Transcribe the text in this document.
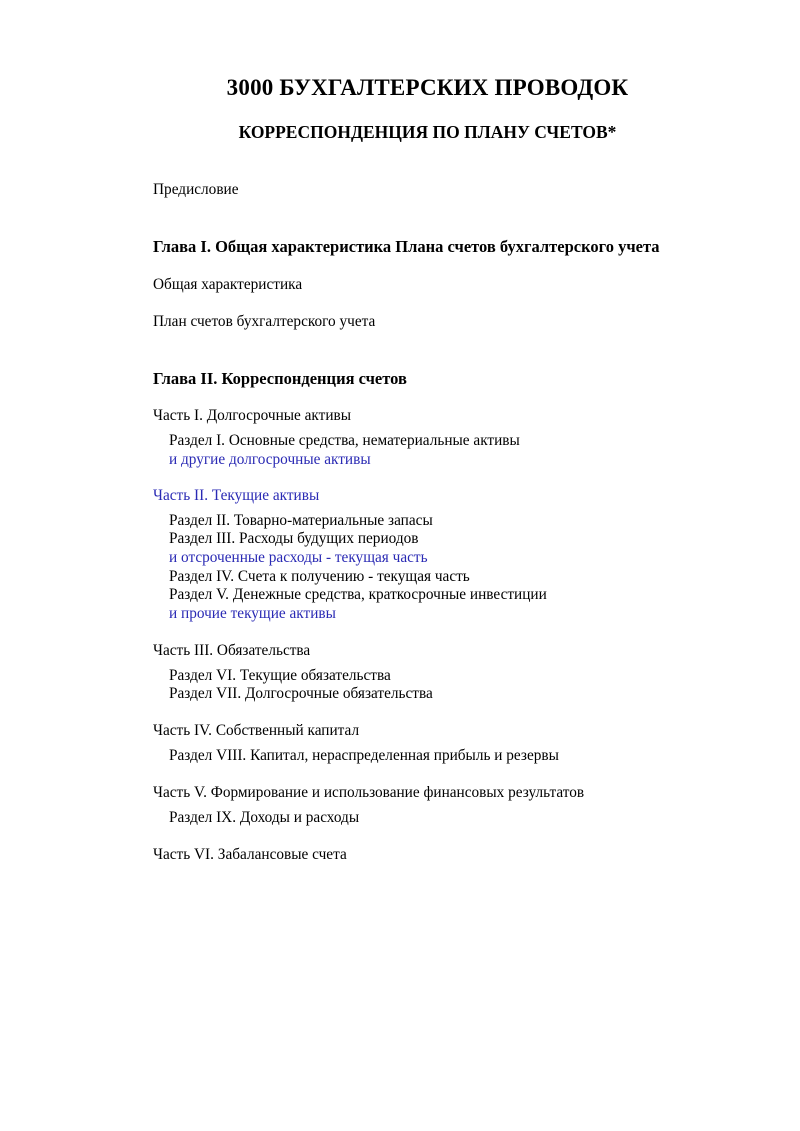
3000 БУХГАЛТЕРСКИХ ПРОВОДОК
КОРРЕСПОНДЕНЦИЯ ПО ПЛАНУ СЧЕТОВ*
Предисловие
Глава I. Общая характеристика Плана счетов бухгалтерского учета
Общая характеристика
План счетов бухгалтерского учета
Глава II. Корреспонденция счетов
Часть I. Долгосрочные активы
Раздел I. Основные средства, нематериальные активы
и другие долгосрочные активы
Часть II. Текущие активы
Раздел II. Товарно-материальные запасы
Раздел III. Расходы будущих периодов
и отсроченные расходы - текущая часть
Раздел IV. Счета к получению - текущая часть
Раздел V. Денежные средства, краткосрочные инвестиции
и прочие текущие активы
Часть III. Обязательства
Раздел VI. Текущие обязательства
Раздел VII. Долгосрочные обязательства
Часть IV. Собственный капитал
Раздел VIII. Капитал, нераспределенная прибыль и резервы
Часть V. Формирование и использование финансовых результатов
Раздел IX. Доходы и расходы
Часть VI. Забалансовые счета
